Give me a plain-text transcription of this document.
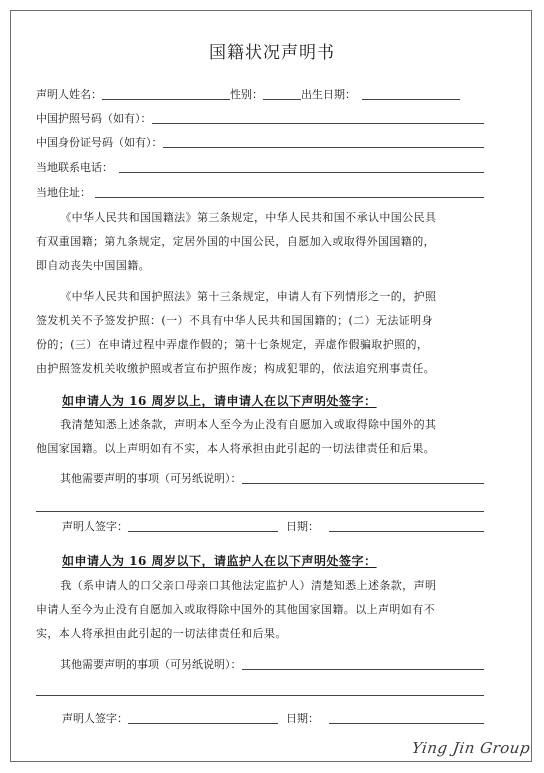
国籍状况声明书
声明人姓名：	性别：	出生日期：
中国护照号码（如有）：
中国身份证号码（如有）：
当地联系电话：
当地住址：
《中华人民共和国国籍法》第三条规定，中华人民共和国不承认中国公民具
有双重国籍；第九条规定，定居外国的中国公民，自愿加入或取得外国国籍的，
即自动丧失中国国籍。
《中华人民共和国护照法》第十三条规定，申请人有下列情形之一的，护照
签发机关不予签发护照：(一）不具有中华人民共和国国籍的；(二）无法证明身
份的；(三）在申请过程中弄虚作假的；第十七条规定，弄虚作假骗取护照的，
由护照签发机关收缴护照或者宣布护照作废；构成犯罪的，依法追究刑事责任。
如申请人为 16 周岁以上，请申请人在以下声明处签字：
我清楚知悉上述条款，声明本人至今为止没有自愿加入或取得除中国外的其
他国家国籍。以上声明如有不实，本人将承担由此引起的一切法律责任和后果。
其他需要声明的事项（可另纸说明）：
声明人签字：	日期：
如申请人为 16 周岁以下，请监护人在以下声明处签字：
我（系申请人的口父亲口母亲口其他法定监护人）清楚知悉上述条款，声明
申请人至今为止没有自愿加入或取得除中国外的其他国家国籍。以上声明如有不
实，本人将承担由此引起的一切法律责任和后果。
其他需要声明的事项（可另纸说明）：
声明人签字：	日期：
Ying Jin Group
